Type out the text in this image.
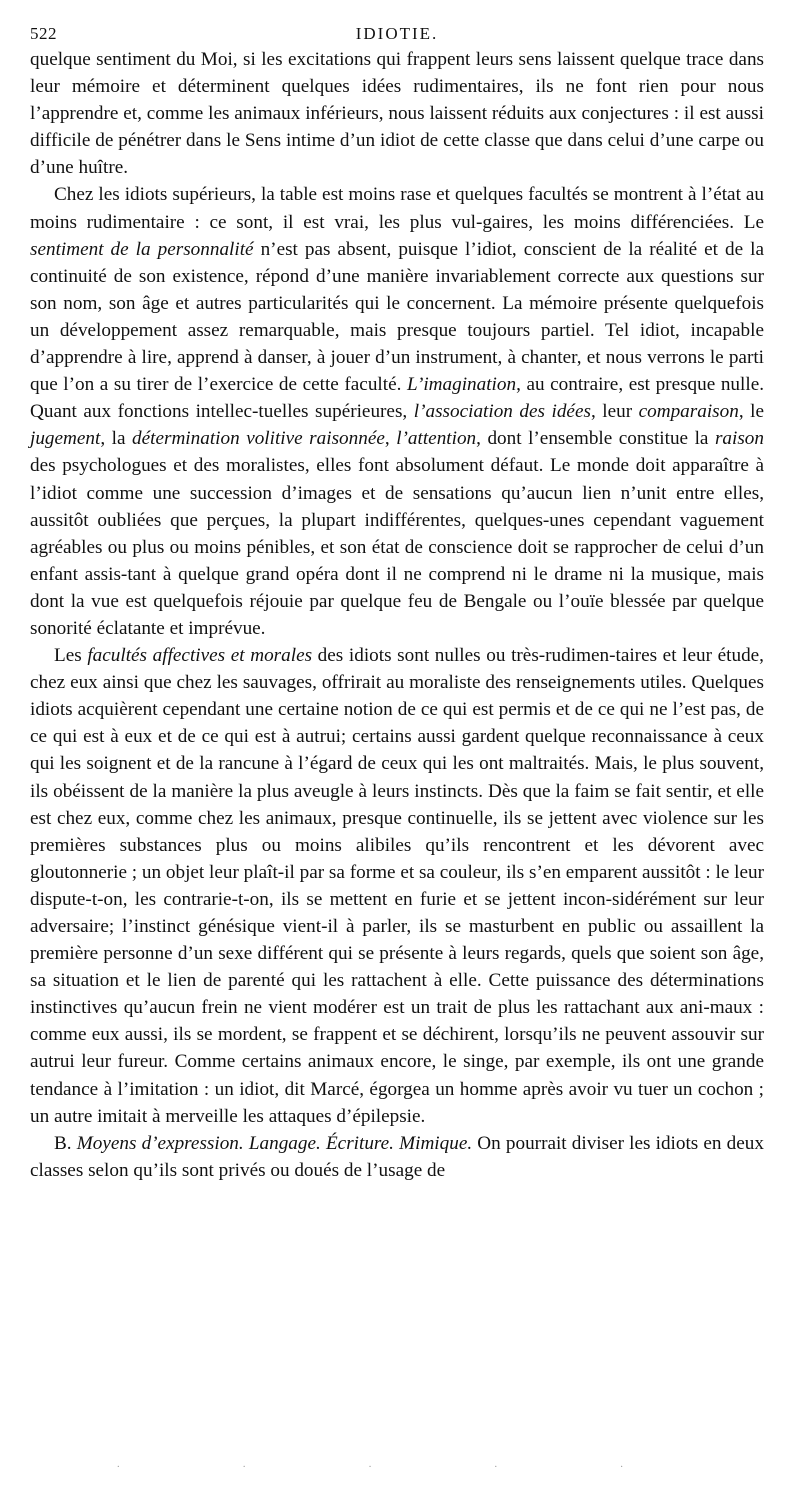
522	IDIOTIE.

quelque sentiment du Moi, si les excitations qui frappent leurs sens laissent quelque trace dans leur mémoire et déterminent quelques idées rudimentaires, ils ne font rien pour nous l’apprendre et, comme les animaux inférieurs, nous laissent réduits aux conjectures : il est aussi difficile de pénétrer dans le Sens intime d’un idiot de cette classe que dans celui d’une carpe ou d’une huître.

Chez les idiots supérieurs, la table est moins rase et quelques facultés se montrent à l’état au moins rudimentaire : ce sont, il est vrai, les plus vul-gaires, les moins différenciées. Le sentiment de la personnalité n’est pas absent, puisque l’idiot, conscient de la réalité et de la continuité de son existence, répond d’une manière invariablement correcte aux questions sur son nom, son âge et autres particularités qui le concernent. La mémoire présente quelquefois un développement assez remarquable, mais presque toujours partiel. Tel idiot, incapable d’apprendre à lire, apprend à danser, à jouer d’un instrument, à chanter, et nous verrons le parti que l’on a su tirer de l’exercice de cette faculté. L’imagination, au contraire, est presque nulle. Quant aux fonctions intellec-tuelles supérieures, l’association des idées, leur comparaison, le jugement, la détermination volitive raisonnée, l’attention, dont l’ensemble constitue la raison des psychologues et des moralistes, elles font absolument défaut. Le monde doit apparaître à l’idiot comme une succession d’images et de sensations qu’aucun lien n’unit entre elles, aussitôt oubliées que perçues, la plupart indifférentes, quelques-unes cependant vaguement agréables ou plus ou moins pénibles, et son état de conscience doit se rapprocher de celui d’un enfant assis-tant à quelque grand opéra dont il ne comprend ni le drame ni la musique, mais dont la vue est quelquefois réjouie par quelque feu de Bengale ou l’ouïe blessée par quelque sonorité éclatante et imprévue.

Les facultés affectives et morales des idiots sont nulles ou très-rudimen-taires et leur étude, chez eux ainsi que chez les sauvages, offrirait au moraliste des renseignements utiles. Quelques idiots acquièrent cependant une certaine notion de ce qui est permis et de ce qui ne l’est pas, de ce qui est à eux et de ce qui est à autrui; certains aussi gardent quelque reconnaissance à ceux qui les soignent et de la rancune à l’égard de ceux qui les ont maltraités. Mais, le plus souvent, ils obéissent de la manière la plus aveugle à leurs instincts. Dès que la faim se fait sentir, et elle est chez eux, comme chez les animaux, presque continuelle, ils se jettent avec violence sur les premières substances plus ou moins alibiles qu’ils rencontrent et les dévorent avec gloutonnerie ; un objet leur plaît-il par sa forme et sa couleur, ils s’en emparent aussitôt : le leur dispute-t-on, les contrarie-t-on, ils se mettent en furie et se jettent incon-sidérément sur leur adversaire; l’instinct génésique vient-il à parler, ils se masturbent en public ou assaillent la première personne d’un sexe différent qui se présente à leurs regards, quels que soient son âge, sa situation et le lien de parenté qui les rattachent à elle. Cette puissance des déterminations instinctives qu’aucun frein ne vient modérer est un trait de plus les rattachant aux ani-maux : comme eux aussi, ils se mordent, se frappent et se déchirent, lorsqu’ils ne peuvent assouvir sur autrui leur fureur. Comme certains animaux encore, le singe, par exemple, ils ont une grande tendance à l’imitation : un idiot, dit Marcé, égorgea un homme après avoir vu tuer un cochon ; un autre imitait à merveille les attaques d’épilepsie.

B. Moyens d’expression. Langage. Écriture. Mimique. On pourrait diviser les idiots en deux classes selon qu’ils sont privés ou doués de l’usage de

· · · · ·
